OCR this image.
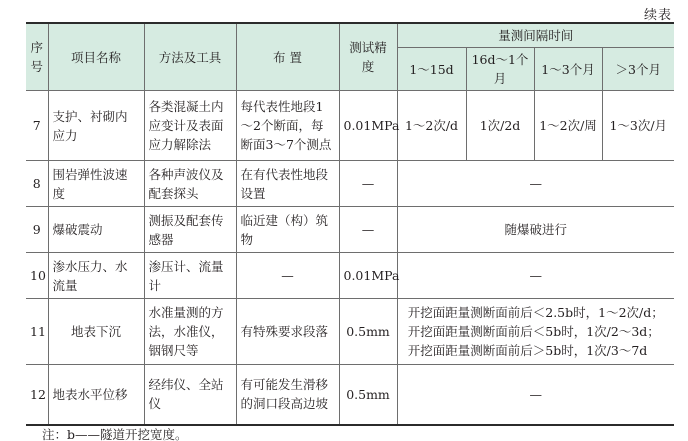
续表
序号	项目名称	方法及工具	布 置	测试精度	量测间隔时间			
					1～15d	16d～1个月	1～3个月	＞3个月
7	支护、衬砌内应力	各类混凝土内应变计及表面应力解除法	每代表性地段1～2个断面，每断面3～7个测点	0.01MPa	1～2次/d	1次/2d	1～2次/周	1～3次/月
8	围岩弹性波速度	各种声波仪及配套探头	在有代表性地段设置	—	—			
9	爆破震动	测振及配套传感器	临近建（构）筑物	—	随爆破进行			
10	渗水压力、水流量	渗压计、流量计	—	0.01MPa	—			
11	地表下沉	水准量测的方法，水准仪，铟钢尺等	有特殊要求段落	0.5mm	开挖面距量测断面前后＜2.5b时，1～2次/d；
开挖面距量测断面前后＜5b时，1次/2～3d；
开挖面距量测断面前后＞5b时，1次/3～7d			

12	地表水平位移	经纬仪、全站仪	有可能发生滑移的洞口段高边坡	0.5mm	—			
注：b——隧道开挖宽度。
